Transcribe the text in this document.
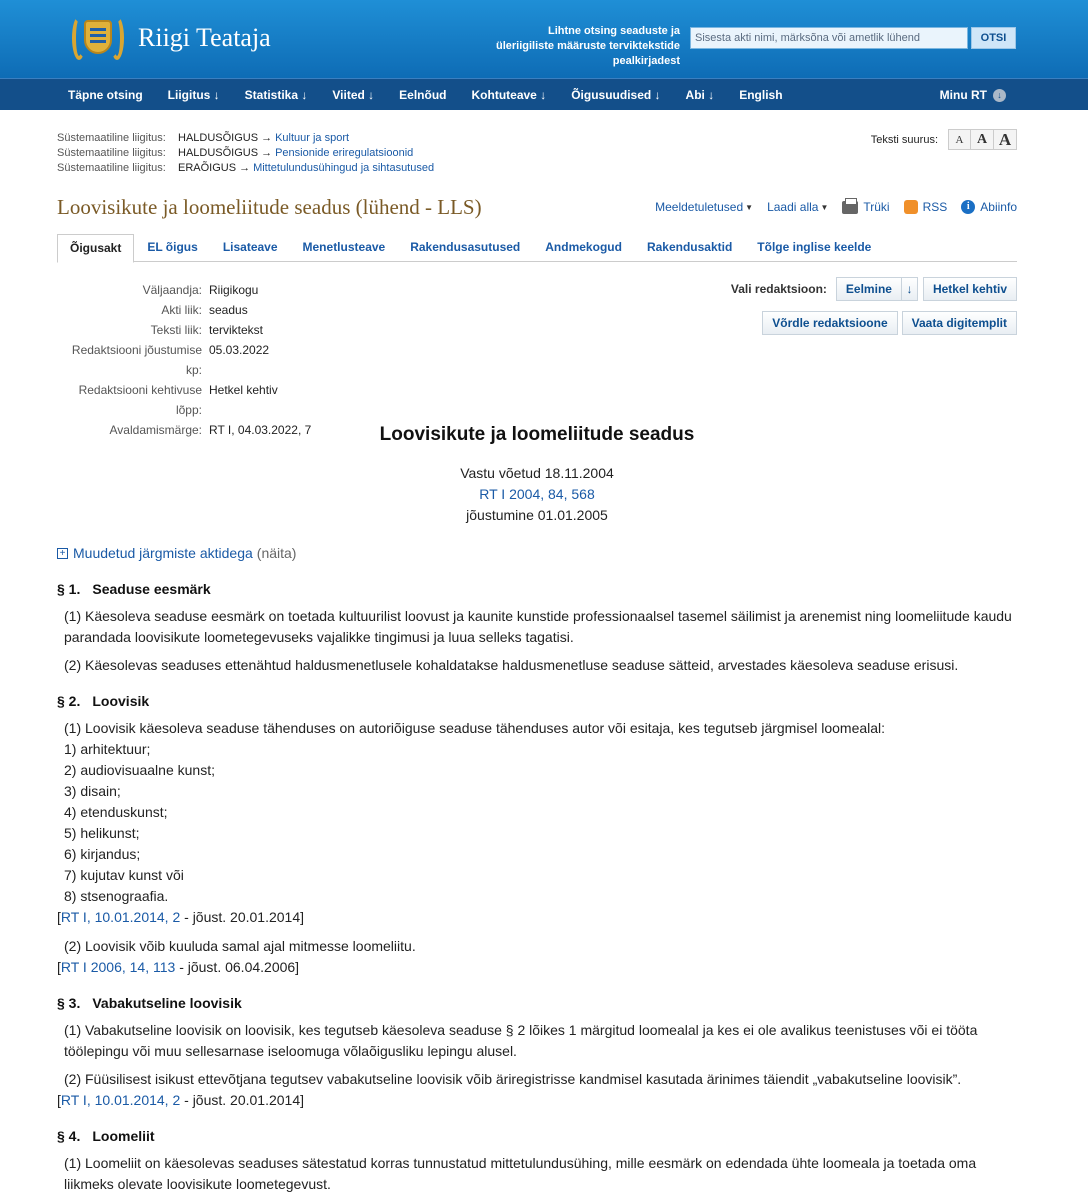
Riigi Teataja	Lihtne otsing seaduste ja üleriigiliste määruste terviktekstide pealkirjadest
Sisesta akti nimi, märksõna või ametlik lühend
OTSI
Täpne otsing Liigitus ↓ Statistika ↓ Viited ↓ Eelnõud Kohtuteave ↓ Õigusuudised ↓ Abi ↓ English	Minu RT	↓
Süstemaatiline liigitus:	HALDUSÕIGUS → Kultuur ja sport
Süstemaatiline liigitus:	HALDUSÕIGUS → Pensionide eriregulatsioonid
Süstemaatiline liigitus:	ERAÕIGUS → Mittetulundusühingud ja sihtasutused
Teksti suurus:	A A A
Loovisikute ja loomeliitude seadus (lühend - LLS)	Meeldetuletused ▼ Laadi alla ▼	Trüki	RSS	i Abiinfo
Õigusakt	EL õigus	Lisateave	Menetlusteave	Rakendusasutused	Andmekogud	Rakendusaktid	Tõlge inglise keelde
Väljaandja: Riigikogu
Akti liik: seadus
Teksti liik: terviktekst
Redaktsiooni jõustumise kp:
05.03.2022
Redaktsiooni kehtivuse lõpp:
Hetkel kehtiv
Avaldamismärge: RT I, 04.03.2022, 7
Vali redaktsioon:	Eelmine	↓	Hetkel kehtiv
Võrdle redaktsioone	Vaata digitemplit
Loovisikute ja loomeliitude seadus
Vastu võetud 18.11.2004
RT I 2004, 84, 568
jõustumine 01.01.2005
+ Muudetud järgmiste aktidega (näita)
§ 1. Seaduse eesmärk

(1) Käesoleva seaduse eesmärk on toetada kultuurilist loovust ja kaunite kunstide professionaalsel tasemel säilimist ja arenemist ning loomeliitude kaudu parandada loovisikute loometegevuseks vajalikke tingimusi ja luua selleks tagatisi.

(2) Käesolevas seaduses ettenähtud haldusmenetlusele kohaldatakse haldusmenetluse seaduse sätteid, arvestades käesoleva seaduse erisusi.

§ 2. Loovisik

(1) Loovisik käesoleva seaduse tähenduses on autoriõiguse seaduse tähenduses autor või esitaja, kes tegutseb järgmisel loomealal:

1) arhitektuur;

2) audiovisuaalne kunst;

3) disain;

4) etenduskunst;

5) helikunst;

6) kirjandus;

7) kujutav kunst või

8) stsenograafia.

[RT I, 10.01.2014, 2 - jõust. 20.01.2014]

(2) Loovisik võib kuuluda samal ajal mitmesse loomeliitu.

[RT I 2006, 14, 113 - jõust. 06.04.2006]

§ 3. Vabakutseline loovisik

(1) Vabakutseline loovisik on loovisik, kes tegutseb käesoleva seaduse § 2 lõikes 1 märgitud loomealal ja kes ei ole avalikus teenistuses või ei tööta töölepingu või muu sellesarnase iseloomuga võlaõigusliku lepingu alusel.

(2) Füüsilisest isikust ettevõtjana tegutsev vabakutseline loovisik võib äriregistrisse kandmisel kasutada ärinimes täiendit „vabakutseline loovisik”.

[RT I, 10.01.2014, 2 - jõust. 20.01.2014]

§ 4. Loomeliit

(1) Loomeliit on käesolevas seaduses sätestatud korras tunnustatud mittetulundusühing, mille eesmärk on edendada ühte loomeala ja toetada oma liikmeks olevate loovisikute loometegevust.
